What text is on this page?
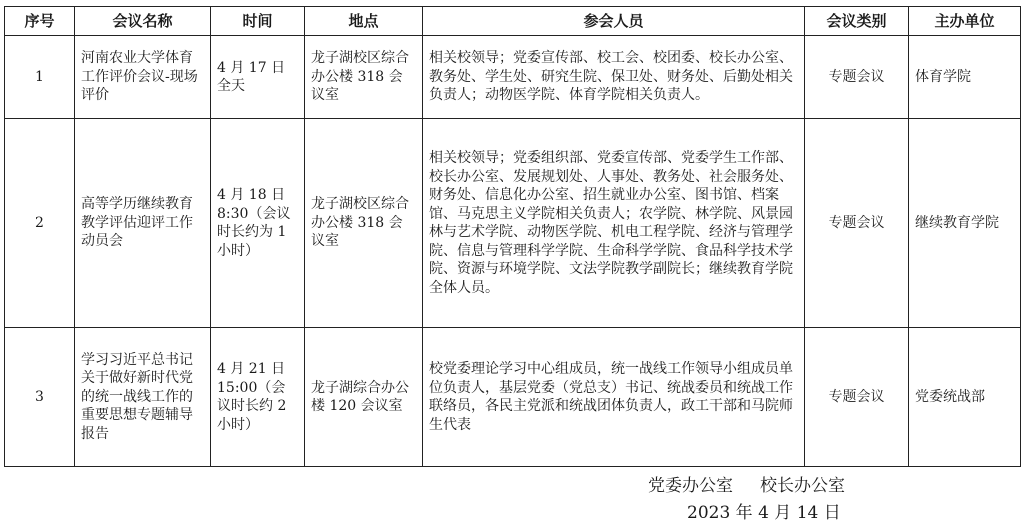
序号	会议名称	时间	地点	参会人员	会议类别	主办单位
1	河南农业大学体育工作评价会议-现场评价	4 月 17 日全天	龙子湖校区综合办公楼 318 会议室	相关校领导；党委宣传部、校工会、校团委、校长办公室、教务处、学生处、研究生院、保卫处、财务处、后勤处相关负责人；动物医学院、体育学院相关负责人。	专题会议	体育学院
2	高等学历继续教育教学评估迎评工作动员会	4 月 18 日 8:30（会议时长约为 1 小时）	龙子湖校区综合办公楼 318 会议室	相关校领导；党委组织部、党委宣传部、党委学生工作部、校长办公室、发展规划处、人事处、教务处、社会服务处、财务处、信息化办公室、招生就业办公室、图书馆、档案馆、马克思主义学院相关负责人；农学院、林学院、风景园林与艺术学院、动物医学院、机电工程学院、经济与管理学院、信息与管理科学学院、生命科学学院、食品科学技术学院、资源与环境学院、文法学院教学副院长；继续教育学院全体人员。	专题会议	继续教育学院
3	学习习近平总书记关于做好新时代党的统一战线工作的重要思想专题辅导报告	4 月 21 日 15:00（会议时长约 2 小时）	龙子湖综合办公楼 120 会议室	校党委理论学习中心组成员，统一战线工作领导小组成员单位负责人，基层党委（党总支）书记、统战委员和统战工作联络员，各民主党派和统战团体负责人，政工干部和马院师生代表	专题会议	党委统战部
党委办公室     校长办公室
2023 年 4 月 14 日
